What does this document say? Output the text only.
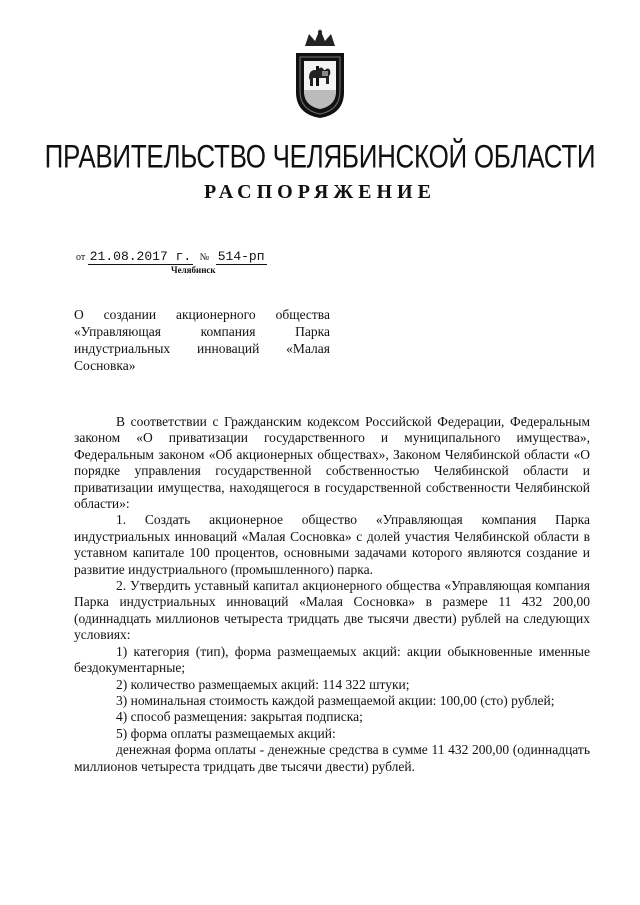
ПРАВИТЕЛЬСТВО ЧЕЛЯБИНСКОЙ ОБЛАСТИ
РАСПОРЯЖЕНИЕ
от 21.08.2017 г. № 514-рп
Челябинск

О создании акционерного общества «Управляющая компания Парка индустриальных инноваций «Малая Сосновка»

В соответствии с Гражданским кодексом Российской Федерации, Федеральным законом «О приватизации государственного и муниципального имущества», Федеральным законом «Об акционерных обществах», Законом Челябинской области «О порядке управления государственной собственностью Челябинской области и приватизации имущества, находящегося в государственной собственности Челябинской области»:

1. Создать акционерное общество «Управляющая компания Парка индустриальных инноваций «Малая Сосновка» с долей участия Челябинской области в уставном капитале 100 процентов, основными задачами которого являются создание и развитие индустриального (промышленного) парка.

2. Утвердить уставный капитал акционерного общества «Управляющая компания Парка индустриальных инноваций «Малая Сосновка» в размере 11 432 200,00 (одиннадцать миллионов четыреста тридцать две тысячи двести) рублей на следующих условиях:

1) категория (тип), форма размещаемых акций: акции обыкновенные именные бездокументарные;

2) количество размещаемых акций: 114 322 штуки;

3) номинальная стоимость каждой размещаемой акции: 100,00 (сто) рублей;

4) способ размещения: закрытая подписка;

5) форма оплаты размещаемых акций:

денежная форма оплаты - денежные средства в сумме 11 432 200,00 (одиннадцать миллионов четыреста тридцать две тысячи двести) рублей.
